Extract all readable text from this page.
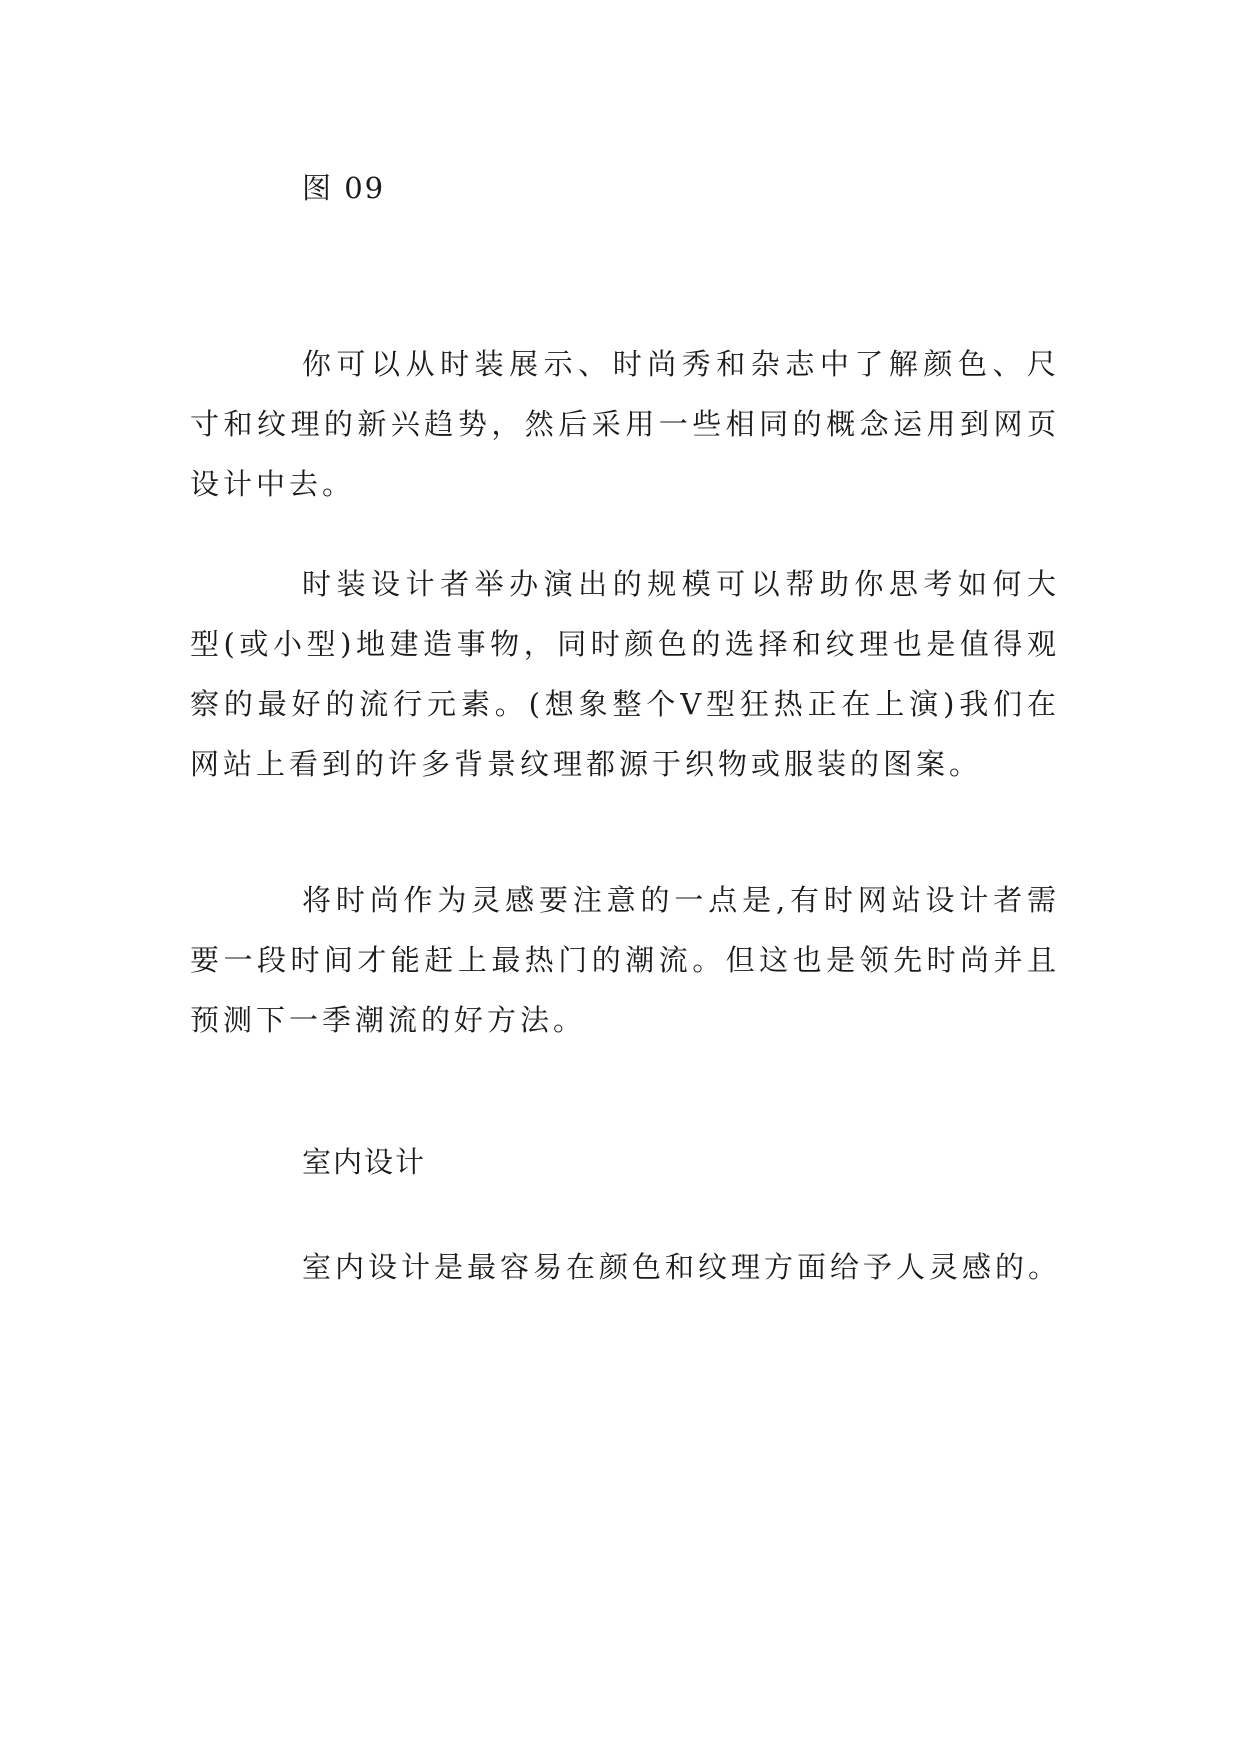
图 09

你可以从时装展示、时尚秀和杂志中了解颜色、尺寸和纹理的新兴趋势，然后采用一些相同的概念运用到网页设计中去。

时装设计者举办演出的规模可以帮助你思考如何大型(或小型)地建造事物，同时颜色的选择和纹理也是值得观察的最好的流行元素。(想象整个V型狂热正在上演)我们在网站上看到的许多背景纹理都源于织物或服装的图案。

将时尚作为灵感要注意的一点是,有时网站设计者需要一段时间才能赶上最热门的潮流。但这也是领先时尚并且预测下一季潮流的好方法。

室内设计
室内设计是最容易在颜色和纹理方面给予人灵感的。
